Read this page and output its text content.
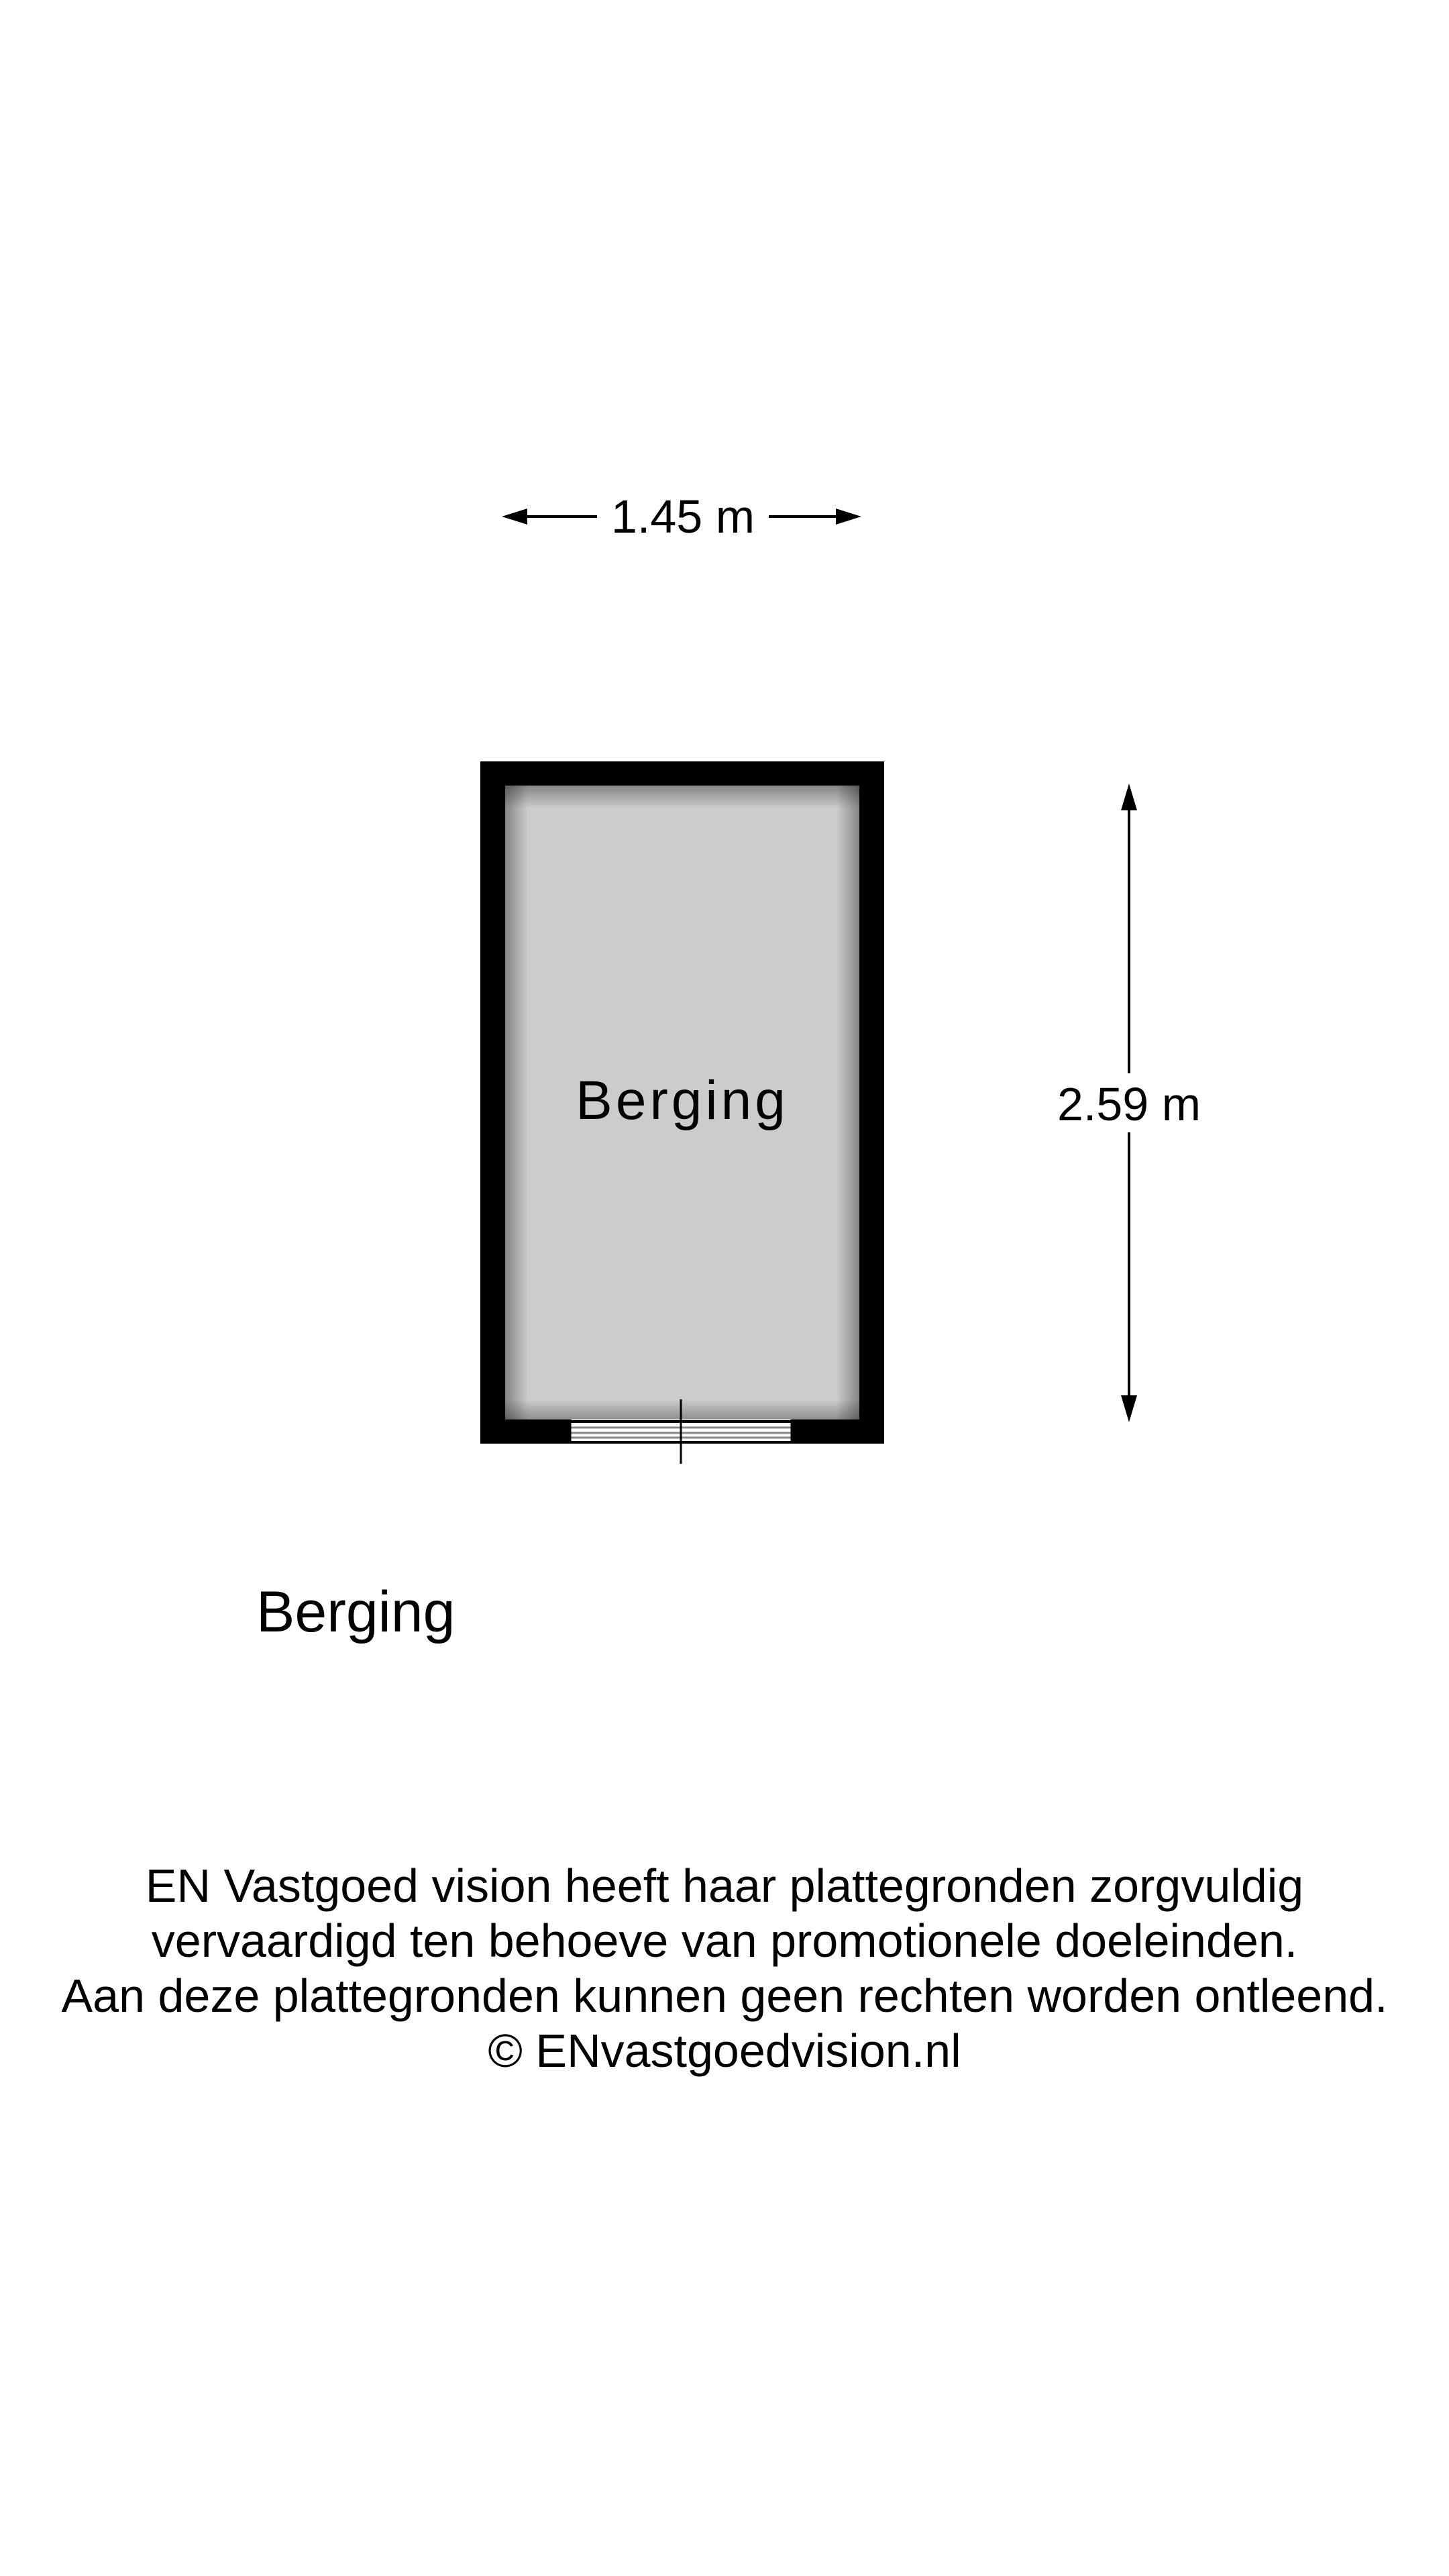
1.45 m
Berging	2.59 m
Berging
EN Vastgoed vision heeft haar plattegronden zorgvuldig
vervaardigd ten behoeve van promotionele doeleinden.
Aan deze plattegronden kunnen geen rechten worden ontleend.
© ENvastgoedvision.nl
